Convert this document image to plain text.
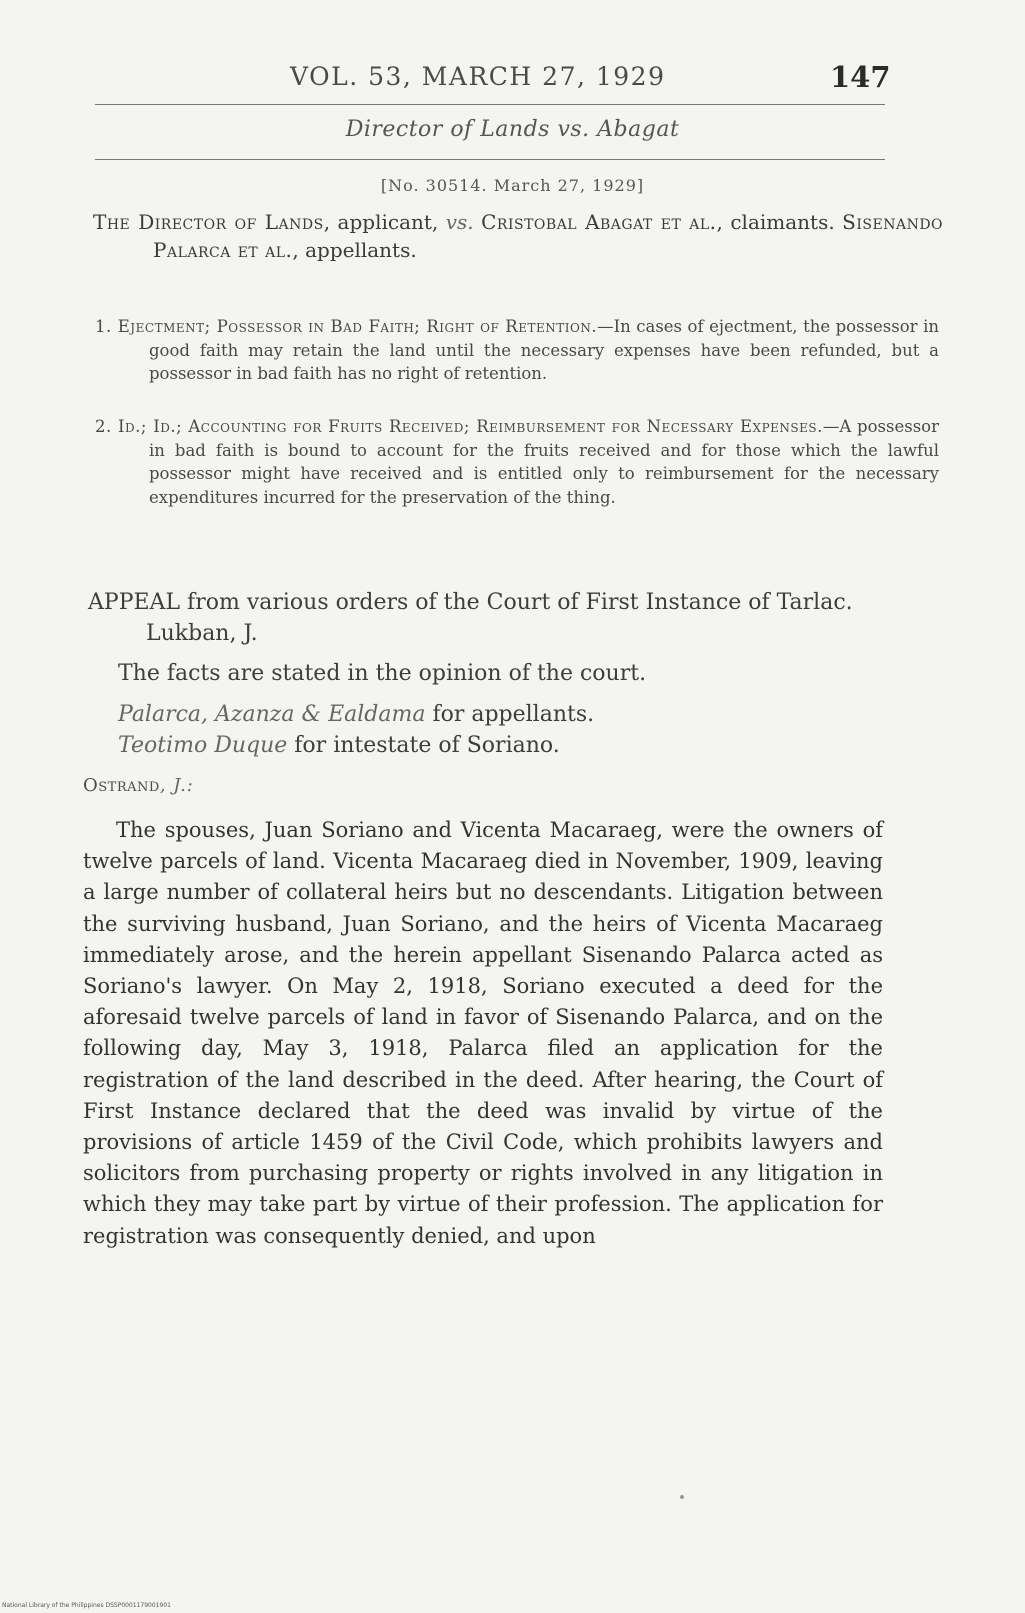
VOL. 53, MARCH 27, 1929	147
Director of Lands vs. Abagat
[No. 30514. March 27, 1929]
The Director of Lands, applicant, vs. Cristobal Abagat et al., claimants. Sisenando Palarca et al., appellants.
1. Ejectment; Possessor in Bad Faith; Right of Retention.—In cases of ejectment, the possessor in good faith may retain the land until the necessary expenses have been refunded, but a possessor in bad faith has no right of retention.
2. Id.; Id.; Accounting for Fruits Received; Reimbursement for Necessary Expenses.—A possessor in bad faith is bound to account for the fruits received and for those which the lawful possessor might have received and is entitled only to reimbursement for the necessary expenditures incurred for the preservation of the thing.
APPEAL from various orders of the Court of First Instance of Tarlac. Lukban, J.
The facts are stated in the opinion of the court.
Palarca, Azanza & Ealdama for appellants.
Teotimo Duque for intestate of Soriano.
Ostrand, J.:
The spouses, Juan Soriano and Vicenta Macaraeg, were the owners of twelve parcels of land. Vicenta Macaraeg died in November, 1909, leaving a large number of collateral heirs but no descendants. Litigation between the surviving husband, Juan Soriano, and the heirs of Vicenta Macaraeg immediately arose, and the herein appellant Sisenando Palarca acted as Soriano's lawyer. On May 2, 1918, Soriano executed a deed for the aforesaid twelve parcels of land in favor of Sisenando Palarca, and on the following day, May 3, 1918, Palarca filed an application for the registration of the land described in the deed. After hearing, the Court of First Instance declared that the deed was invalid by virtue of the provisions of article 1459 of the Civil Code, which prohibits lawyers and solicitors from purchasing property or rights involved in any litigation in which they may take part by virtue of their profession. The application for registration was consequently denied, and upon
National Library of the Philippines DSSP0001179001901
